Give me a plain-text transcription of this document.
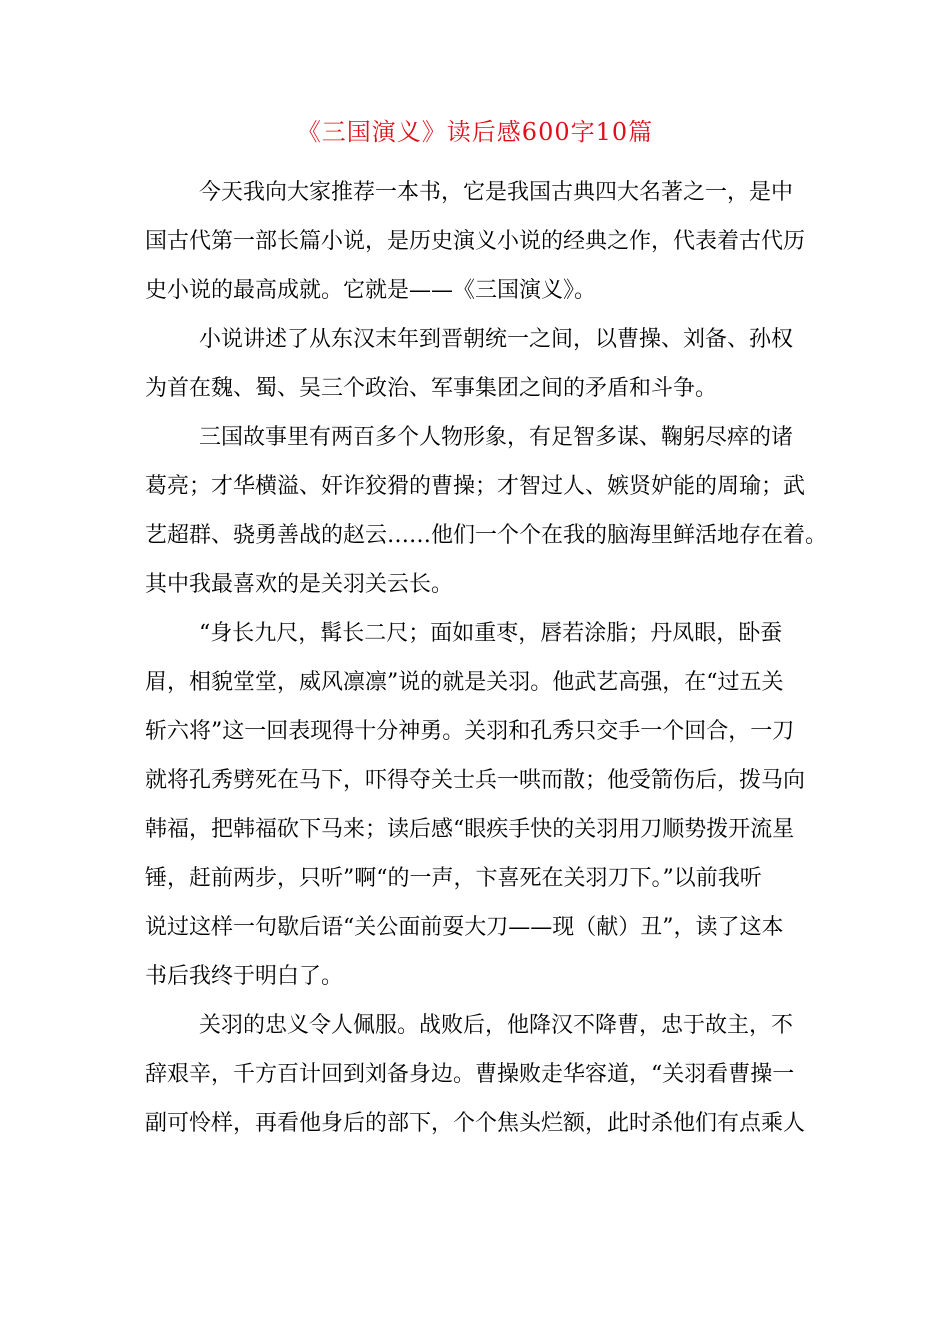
《三国演义》读后感600字10篇
今天我向大家推荐一本书，它是我国古典四大名著之一，是中
国古代第一部长篇小说，是历史演义小说的经典之作，代表着古代历
史小说的最高成就。它就是——《三国演义》。
小说讲述了从东汉末年到晋朝统一之间，以曹操、刘备、孙权
为首在魏、蜀、吴三个政治、军事集团之间的矛盾和斗争。
三国故事里有两百多个人物形象，有足智多谋、鞠躬尽瘁的诸
葛亮；才华横溢、奸诈狡猾的曹操；才智过人、嫉贤妒能的周瑜；武
艺超群、骁勇善战的赵云……他们一个个在我的脑海里鲜活地存在着。
其中我最喜欢的是关羽关云长。
“身长九尺，髯长二尺；面如重枣，唇若涂脂；丹凤眼，卧蚕
眉，相貌堂堂，威风凛凛”说的就是关羽。他武艺高强，在“过五关
斩六将”这一回表现得十分神勇。关羽和孔秀只交手一个回合，一刀
就将孔秀劈死在马下，吓得夺关士兵一哄而散；他受箭伤后，拨马向
韩福，把韩福砍下马来；读后感“眼疾手快的关羽用刀顺势拨开流星
锤，赶前两步，只听”啊“的一声，卞喜死在关羽刀下。”以前我听
说过这样一句歇后语“关公面前耍大刀——现（献）丑”，读了这本
书后我终于明白了。
关羽的忠义令人佩服。战败后，他降汉不降曹，忠于故主，不
辞艰辛，千方百计回到刘备身边。曹操败走华容道，“关羽看曹操一
副可怜样，再看他身后的部下，个个焦头烂额，此时杀他们有点乘人
